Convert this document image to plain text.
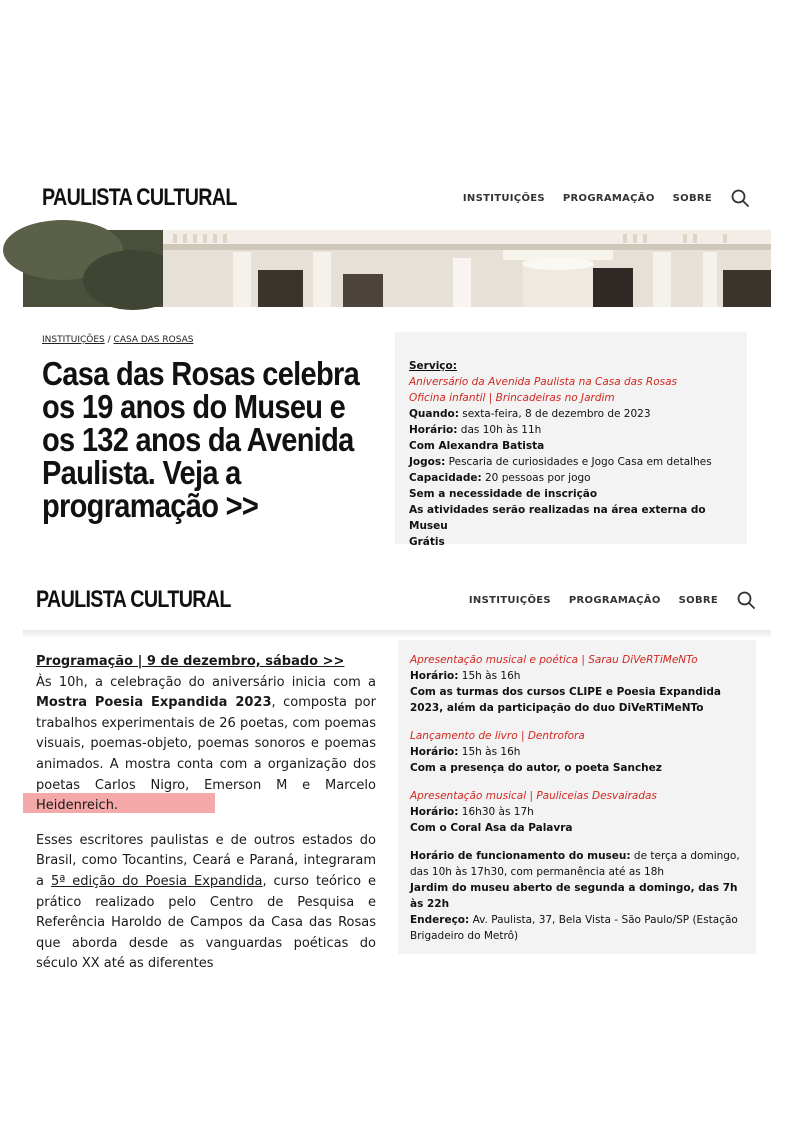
PAULISTA CULTURAL	INSTITUIÇÕES PROGRAMAÇÃO SOBRE
INSTITUIÇÕES / CASA DAS ROSAS
Casa das Rosas celebra
os 19 anos do Museu e
os 132 anos da Avenida
Paulista. Veja a
programação >>
Serviço:
Aniversário da Avenida Paulista na Casa das Rosas
Oficina infantil | Brincadeiras no Jardim
Quando: sexta-feira, 8 de dezembro de 2023
Horário: das 10h às 11h
Com Alexandra Batista
Jogos: Pescaria de curiosidades e Jogo Casa em detalhes
Capacidade: 20 pessoas por jogo
Sem a necessidade de inscrição
As atividades serão realizadas na área externa do Museu
Grátis
PAULISTA CULTURAL	INSTITUIÇÕES PROGRAMAÇÃO SOBRE

Programação | 9 de dezembro, sábado >>

Às 10h, a celebração do aniversário inicia com a Mostra Poesia Expandida 2023, composta por trabalhos experimentais de 26 poetas, com poemas visuais, poemas-objeto, poemas sonoros e poemas animados. A mostra conta com a organização dos poetas Carlos Nigro, Emerson M e Marcelo Heidenreich.

Esses escritores paulistas e de outros estados do Brasil, como Tocantins, Ceará e Paraná, integraram a 5ª edição do Poesia Expandida, curso teórico e prático realizado pelo Centro de Pesquisa e Referência Haroldo de Campos da Casa das Rosas que aborda desde as vanguardas poéticas do século XX até as diferentes

Apresentação musical e poética | Sarau DiVeRTiMeNTo
Horário: 15h às 16h
Com as turmas dos cursos CLIPE e Poesia Expandida 2023, além da participação do duo DiVeRTiMeNTo
Lançamento de livro | Dentrofora
Horário: 15h às 16h
Com a presença do autor, o poeta Sanchez
Apresentação musical | Pauliceias Desvairadas
Horário: 16h30 às 17h
Com o Coral Asa da Palavra
Horário de funcionamento do museu: de terça a domingo, das 10h às 17h30, com permanência até as 18h
Jardim do museu aberto de segunda a domingo, das 7h às 22h
Endereço: Av. Paulista, 37, Bela Vista - São Paulo/SP (Estação Brigadeiro do Metrô)
